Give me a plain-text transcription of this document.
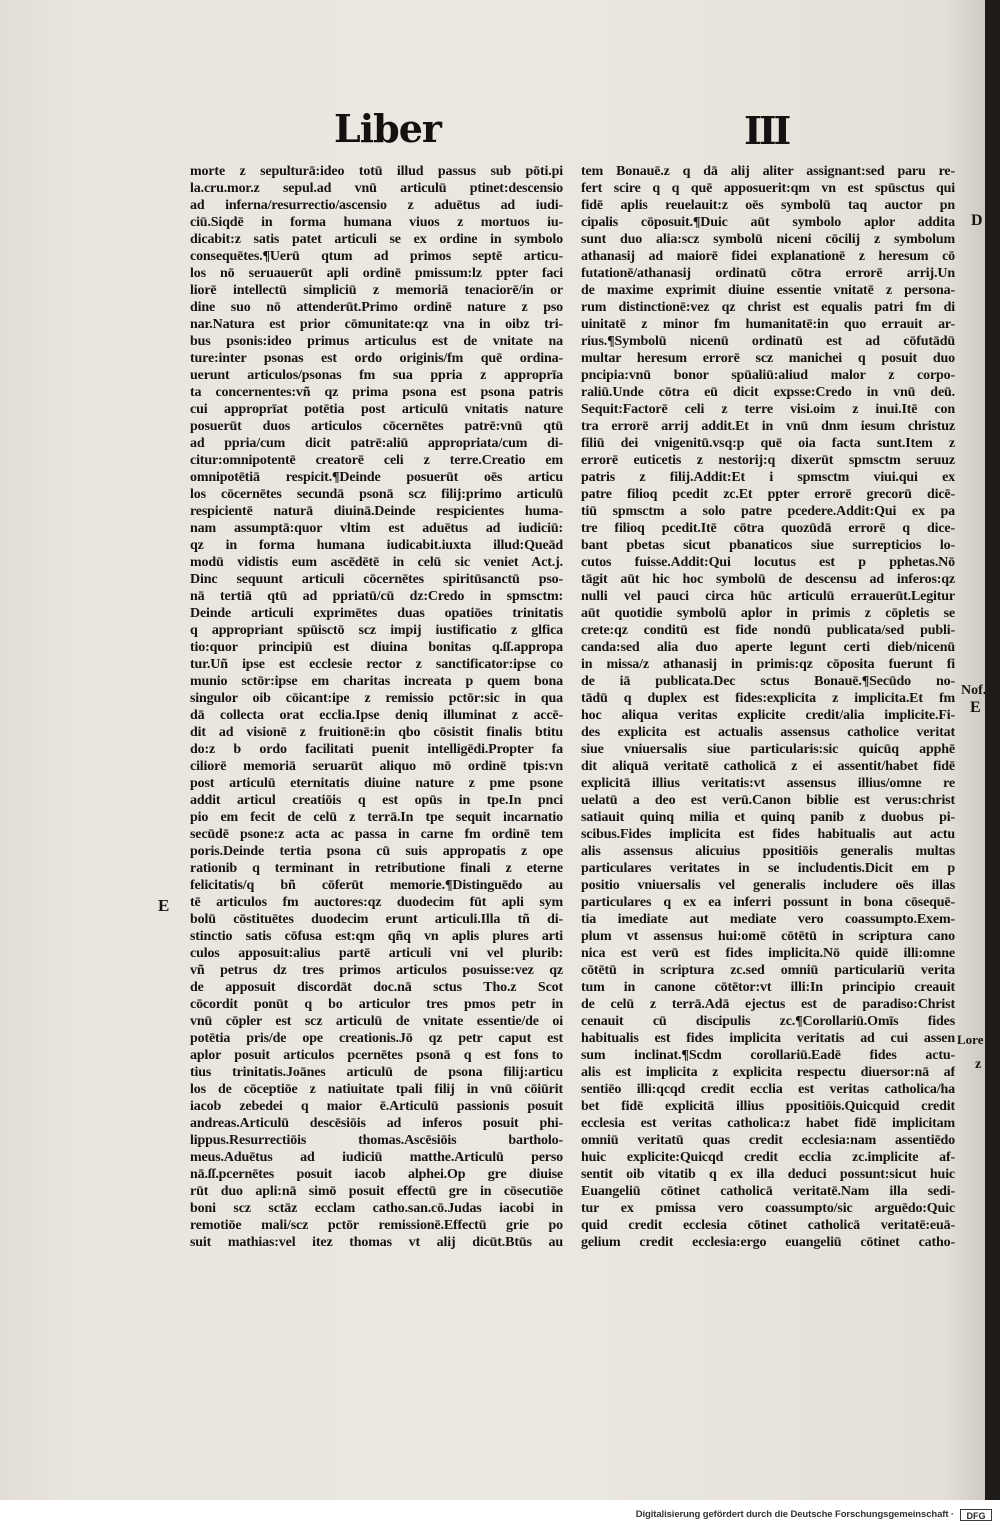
Liber	III
morte z sepulturā:ideo totū illud passus sub pōti.pi
la.cru.mor.z sepul.ad vnū articulū ptinet:descensio
ad inferna/resurrectio/ascensio z aduētus ad iudi-
ciū.Siqdē in forma humana viuos z mortuos iu-
dicabit:z satis patet articuli se ex ordine in symbolo
consequētes.¶Uerū qtum ad primos septē articu-
los nō seruauerūt apli ordinē pmissum:lz ppter faci
liorē intellectū simpliciū z memoriā tenaciorē/in or
dine suo nō attenderūt.Primo ordinē nature z pso
nar.Natura est prior cōmunitate:qz vna in oibz tri-
bus psonis:ideo primus articulus est de vnitate na
ture:inter psonas est ordo originis/fm quē ordina-
uerunt articulos/psonas fm sua ppria z approprīa
ta concernentes:vñ qz prima psona est psona patris
cui approprīat potētia post articulū vnitatis nature
posuerūt duos articulos cōcernētes patrē:vnū qtū
ad ppria/cum dicit patrē:aliū appropriata/cum di-
citur:omnipotentē creatorē celi z terre.Creatio em
omnipotētiā respicit.¶Deinde posuerūt oēs articu
los cōcernētes secundā psonā scz filij:primo articulū
respicientē naturā diuinā.Deinde respicientes huma-
nam assumptā:quor vltim est aduētus ad iudiciū:
qz in forma humana iudicabit.iuxta illud:Queād
modū vidistis eum ascēdētē in celū sic veniet Act.j.
Dinc sequunt articuli cōcernētes spiritūsanctū pso-
nā tertiā qtū ad ppriatū/cū dz:Credo in spmsctm:
Deinde articuli exprimētes duas opatiōes trinitatis
q appropriant spūisctō scz impij iustificatio z glfica
tio:quor principiū est diuina bonitas q.ſſ.appropa
tur.Uñ ipse est ecclesie rector z sanctificator:ipse co
munio sctōr:ipse em charitas increata p quem bona
singulor oib cōicant:ipe z remissio pctōr:sic in qua
dā collecta orat ecclia.Ipse deniq illuminat z accē-
dit ad visionē z fruitionē:in qbo cōsistit finalis btitu
do:z b ordo facilitati puenit intelligēdi.Propter fa
ciliorē memoriā seruarūt aliquo mō ordinē tpis:vn
post articulū eternitatis diuine nature z pme psone
addit articul creatiōis q est opūs in tpe.In pnci
pio em fecit de celū z terrā.In tpe sequit incarnatio
secūdē psone:z acta ac passa in carne fm ordinē tem
poris.Deinde tertia psona cū suis appropatis z ope
rationib q terminant in retributione finali z eterne
felicitatis/q bñ cōferūt memorie.¶Distinguēdo au
tē articulos fm auctores:qz duodecim fūt apli sym
bolū cōstituētes duodecim erunt articuli.Illa tñ di-
stinctio satis cōfusa est:qm qñq vn aplis plures arti
culos apposuit:alius partē articuli vni vel plurib:
vñ petrus dz tres primos articulos posuisse:vez qz
de apposuit discordāt doc.nā sctus Tho.z Scot
cōcordit ponūt q bo articulor tres pmos petr in
vnū cōpler est scz articulū de vnitate essentie/de oi
potētia pris/de ope creationis.Jō qz petr caput est
aplor posuit articulos pcernētes psonā q est fons to
tius trinitatis.Joānes articulū de psona filij:articu
los de cōceptiōe z natiuitate tpali filij in vnū cōiūrit
iacob zebedei q maior ē.Articulū passionis posuit
andreas.Articulū descēsiōis ad inferos posuit phi-
lippus.Resurrectiōis thomas.Ascēsiōis bartholo-
meus.Aduētus ad iudiciū matthe.Articulū perso
nā.ſſ.pcernētes posuit iacob alphei.Op gre diuise
rūt duo apli:nā simō posuit effectū gre in cōsecutiōe
boni scz sctāz ecclam catho.san.cō.Judas iacobi in
remotiōe mali/scz pctōr remissionē.Effectū grie po
suit mathias:vel itez thomas vt alij dicūt.Btūs au
tem Bonauē.z q dā alij aliter assignant:sed paru re-
fert scire q q quē apposuerit:qm vn est spūsctus qui
fidē aplis reuelauit:z oēs symbolū taq auctor pn
cipalis cōposuit.¶Duic aūt symbolo aplor addita
sunt duo alia:scz symbolū niceni cōcilij z symbolum
athanasij ad maiorē fidei explanationē z heresum cō
futationē/athanasij ordinatū cōtra errorē arrij.Un
de maxime exprimit diuine essentie vnitatē z persona-
rum distinctionē:vez qz christ est equalis patri fm di
uinitatē z minor fm humanitatē:in quo errauit ar-
rius.¶Symbolū nicenū ordinatū est ad cōfutādū
multar heresum errorē scz manichei q posuit duo
pncipia:vnū bonor spūaliū:aliud malor z corpo-
raliū.Unde cōtra eū dicit expsse:Credo in vnū deū.
Sequit:Factorē celi z terre visi.oim z inui.Itē con
tra errorē arrij addit.Et in vnū dnm iesum christuz
filiū dei vnigenitū.vsq:p quē oia facta sunt.Item z
errorē euticetis z nestorij:q dixerūt spmsctm seruuz
patris z filij.Addit:Et i spmsctm viui.qui ex
patre filioq pcedit zc.Et ppter errorē grecorū dicē-
tiū spmsctm a solo patre pcedere.Addit:Qui ex pa
tre filioq pcedit.Itē cōtra quozūdā errorē q dice-
bant pbetas sicut pbanaticos siue surrepticios lo-
cutos fuisse.Addit:Qui locutus est p pphetas.Nō
tāgit aūt hic hoc symbolū de descensu ad inferos:qz
nulli vel pauci circa hūc articulū errauerūt.Legitur
aūt quotidie symbolū aplor in primis z cōpletis se
crete:qz conditū est fide nondū publicata/sed publi-
canda:sed alia duo aperte legunt certi dieb/nicenū
in missa/z athanasij in primis:qz cōposita fuerunt fi
de iā publicata.Dec sctus Bonauē.¶Secūdo no-
tādū q duplex est fides:explicita z implicita.Et fm
hoc aliqua veritas explicite credit/alia implicite.Fi-
des explicita est actualis assensus catholice veritat
siue vniuersalis siue particularis:sic quicūq apphē
dit aliquā veritatē catholicā z ei assentit/habet fidē
explicitā illius veritatis:vt assensus illius/omne re
uelatū a deo est verū.Canon biblie est verus:christ
satiauit quinq milia et quinq panib z duobus pi-
scibus.Fides implicita est fides habitualis aut actu
alis assensus alicuius ppositiōis generalis multas
particulares veritates in se includentis.Dicit em p
positio vniuersalis vel generalis includere oēs illas
particulares q ex ea inferri possunt in bona cōsequē-
tia imediate aut mediate vero coassumpto.Exem-
plum vt assensus hui:omē cōtētū in scriptura cano
nica est verū est fides implicita.Nō quidē illi:omne
cōtētū in scriptura zc.sed omniū particulariū verita
tum in canone cōtētor:vt illi:In principio creauit
de celū z terrā.Adā ejectus est de paradiso:Christ
cenauit cū discipulis zc.¶Corollariū.Omīs fides
habitualis est fides implicita veritatis ad cui assen
sum inclinat.¶Scdm corollariū.Eadē fides actu-
alis est implicita z explicita respectu diuersor:nā af
sentiēo illi:qcqd credit ecclia est veritas catholica/ha
bet fidē explicitā illius ppositiōis.Quicquid credit
ecclesia est veritas catholica:z habet fidē implicitam
omniū veritatū quas credit ecclesia:nam assentiēdo
huic explicite:Quicqd credit ecclia zc.implicite af-
sentit oib vitatib q ex illa deduci possunt:sicut huic
Euangeliū cōtinet catholicā veritatē.Nam illa sedi-
tur ex pmissa vero coassumpto/sic arguēdo:Quic
quid credit ecclesia cōtinet catholicā veritatē:euā-
gelium credit ecclesia:ergo euangeliū cōtinet catho-
E
D
Nof.
E
Lore
z
Digitalisierung gefördert durch die Deutsche Forschungsgemeinschaft ·	DFG
